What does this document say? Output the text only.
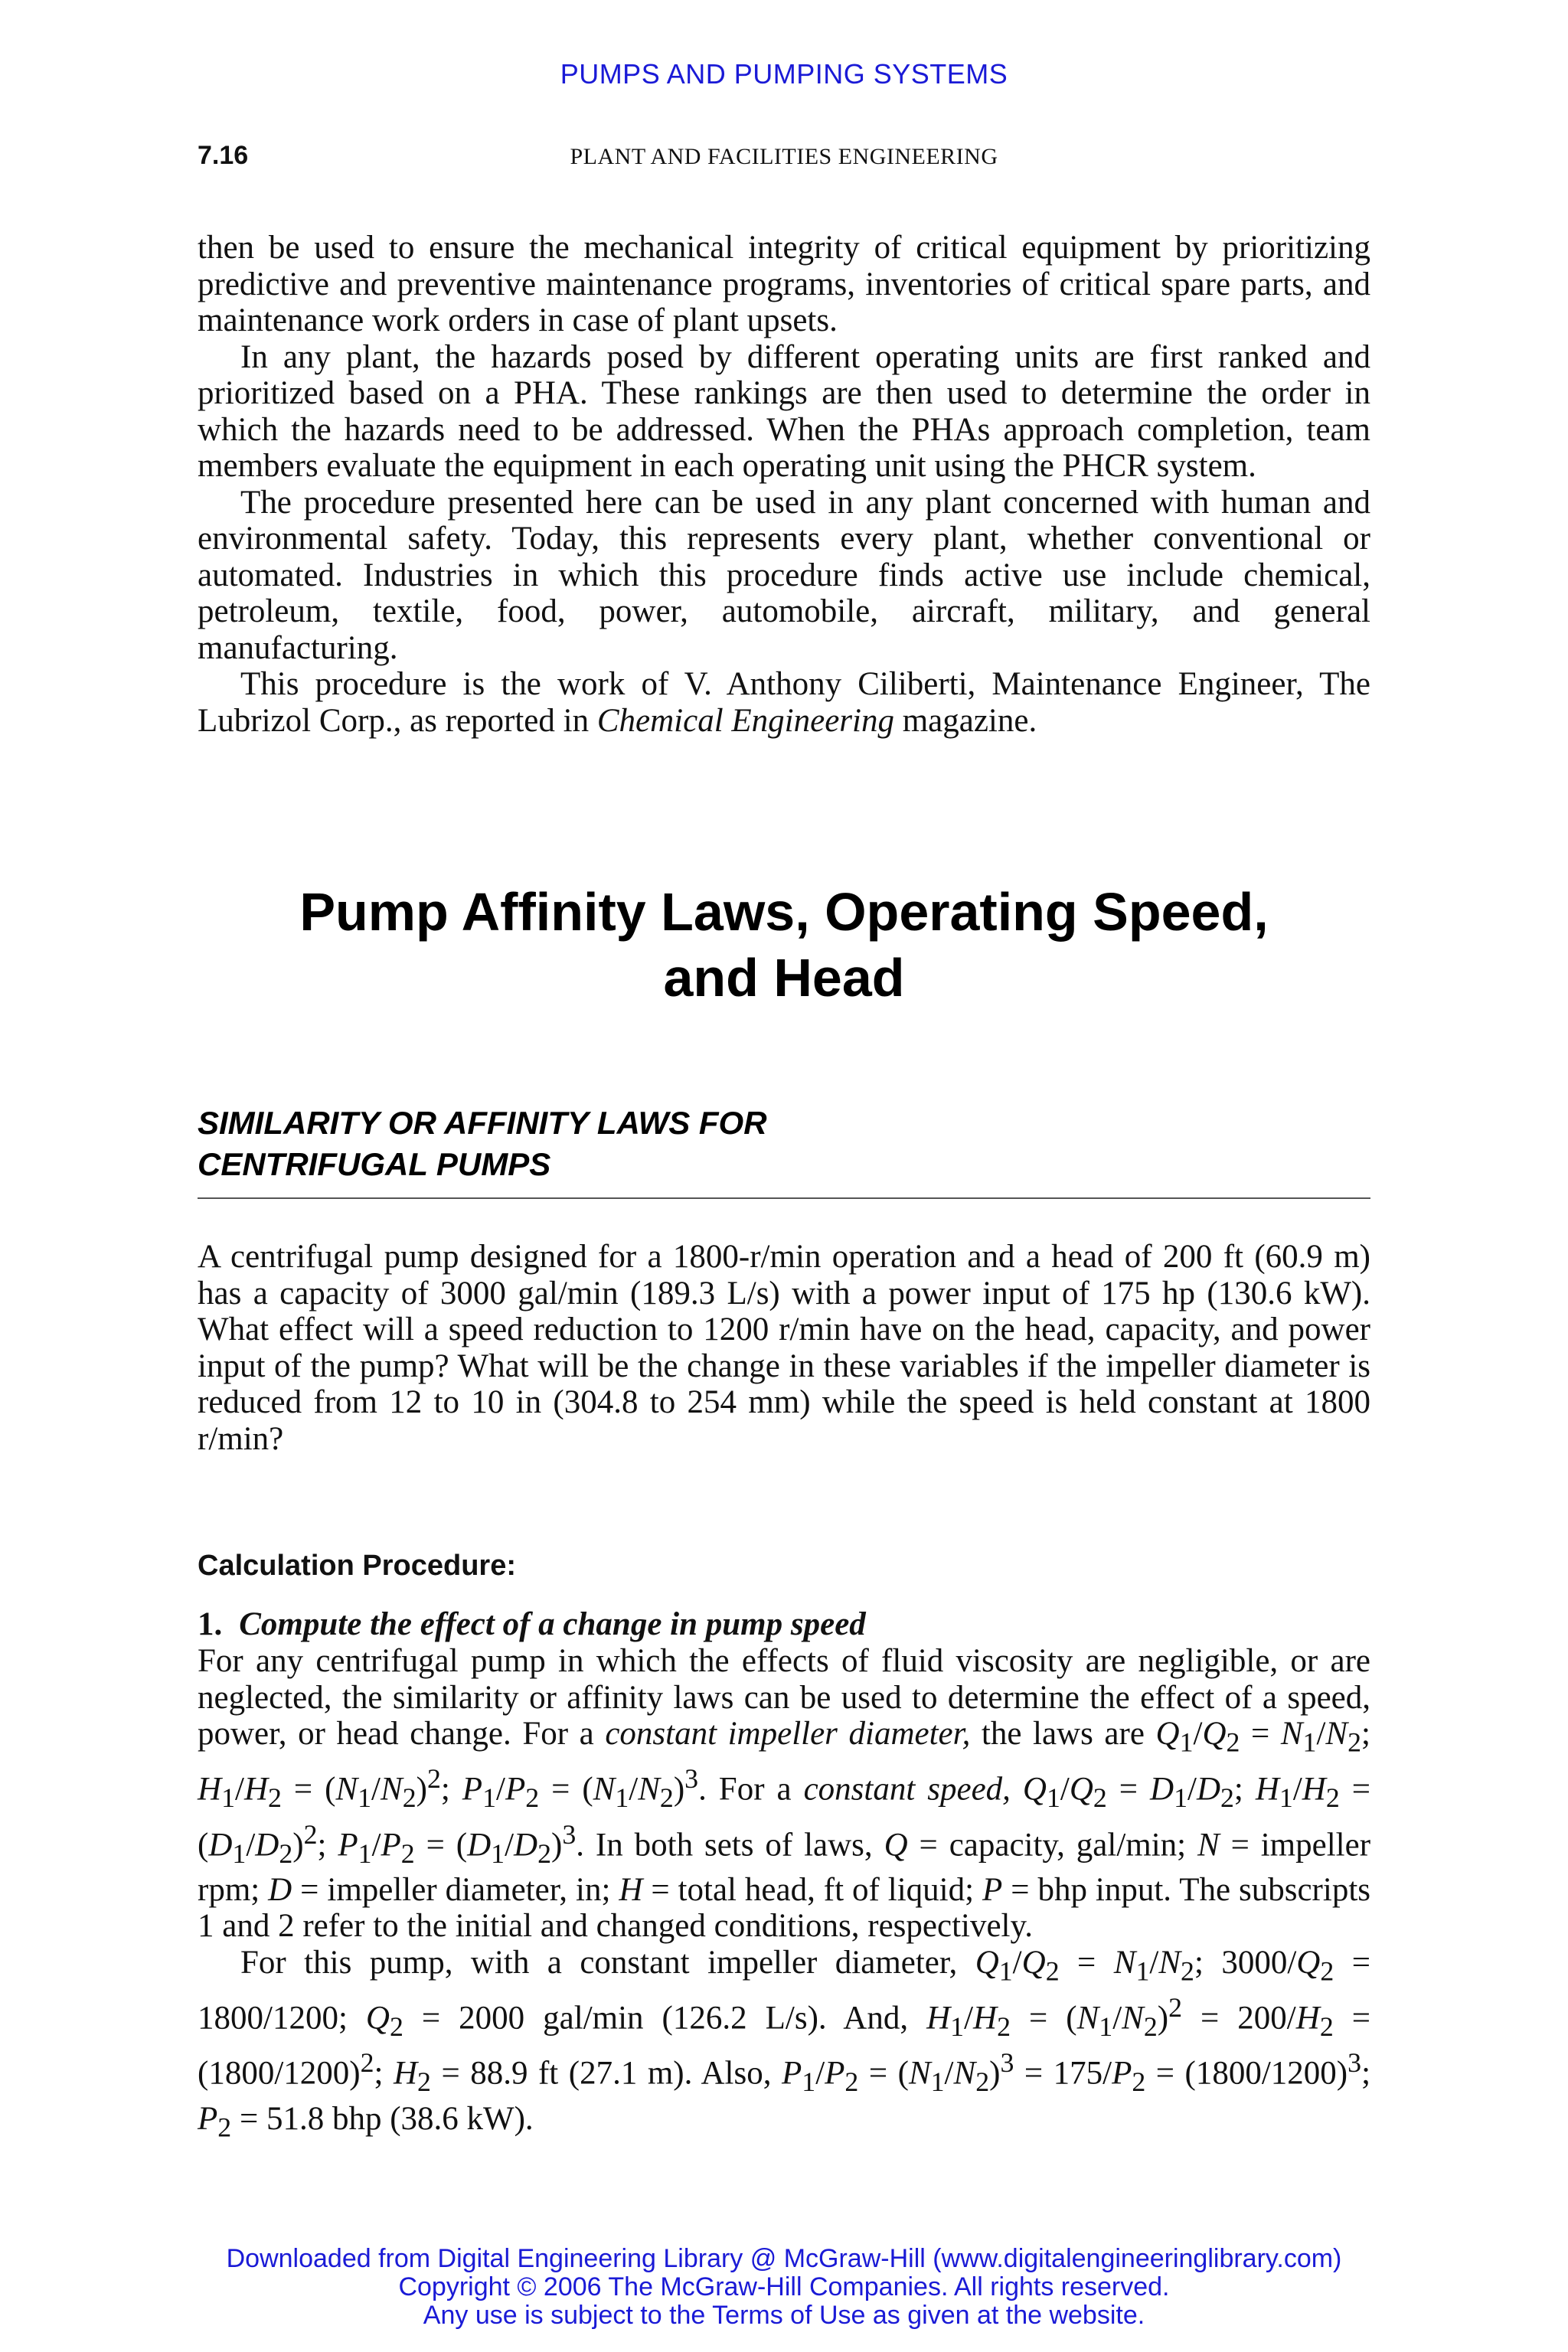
PUMPS AND PUMPING SYSTEMS
7.16	PLANT AND FACILITIES ENGINEERING

then be used to ensure the mechanical integrity of critical equipment by prioritizing predictive and preventive maintenance programs, inventories of critical spare parts, and maintenance work orders in case of plant upsets.

In any plant, the hazards posed by different operating units are first ranked and prioritized based on a PHA. These rankings are then used to determine the order in which the hazards need to be addressed. When the PHAs approach completion, team members evaluate the equipment in each operating unit using the PHCR system.

The procedure presented here can be used in any plant concerned with human and environmental safety. Today, this represents every plant, whether conventional or automated. Industries in which this procedure finds active use include chemical, petroleum, textile, food, power, automobile, aircraft, military, and general manufacturing.

This procedure is the work of V. Anthony Ciliberti, Maintenance Engineer, The Lubrizol Corp., as reported in Chemical Engineering magazine.

Pump Affinity Laws, Operating Speed,
and Head
SIMILARITY OR AFFINITY LAWS FOR
CENTRIFUGAL PUMPS

A centrifugal pump designed for a 1800-r/min operation and a head of 200 ft (60.9 m) has a capacity of 3000 gal/min (189.3 L/s) with a power input of 175 hp (130.6 kW). What effect will a speed reduction to 1200 r/min have on the head, capacity, and power input of the pump? What will be the change in these variables if the impeller diameter is reduced from 12 to 10 in (304.8 to 254 mm) while the speed is held constant at 1800 r/min?

Calculation Procedure:
1. Compute the effect of a change in pump speed

For any centrifugal pump in which the effects of fluid viscosity are negligible, or are neglected, the similarity or affinity laws can be used to determine the effect of a speed, power, or head change. For a constant impeller diameter, the laws are $Q_1/Q_2 = N_1/N_2$; $H_1/H_2 = (N_1/N_2)^2$; $P_1/P_2 = (N_1/N_2)^3$. For a constant speed, $Q_1/Q_2 = D_1/D_2$; $H_1/H_2 = (D_1/D_2)^2$; $P_1/P_2 = (D_1/D_2)^3$. In both sets of laws, Q = capacity, gal/min; N = impeller rpm; D = impeller diameter, in; H = total head, ft of liquid; P = bhp input. The subscripts 1 and 2 refer to the initial and changed conditions, respectively.

For this pump, with a constant impeller diameter, $Q_1/Q_2 = N_1/N_2$; $3000/Q_2 = 1800/1200$; $Q_2 = 2000$ gal/min (126.2 L/s). And, $H_1/H_2 = (N_1/N_2)^2 = 200/H_2 = (1800/1200)^2$; $H_2 = 88.9$ ft (27.1 m). Also, $P_1/P_2 = (N_1/N_2)^3 = 175/P_2 = (1800/1200)^3$; $P_2 = 51.8$ bhp (38.6 kW).

Downloaded from Digital Engineering Library @ McGraw-Hill (www.digitalengineeringlibrary.com)
Copyright © 2006 The McGraw-Hill Companies. All rights reserved.
Any use is subject to the Terms of Use as given at the website.
